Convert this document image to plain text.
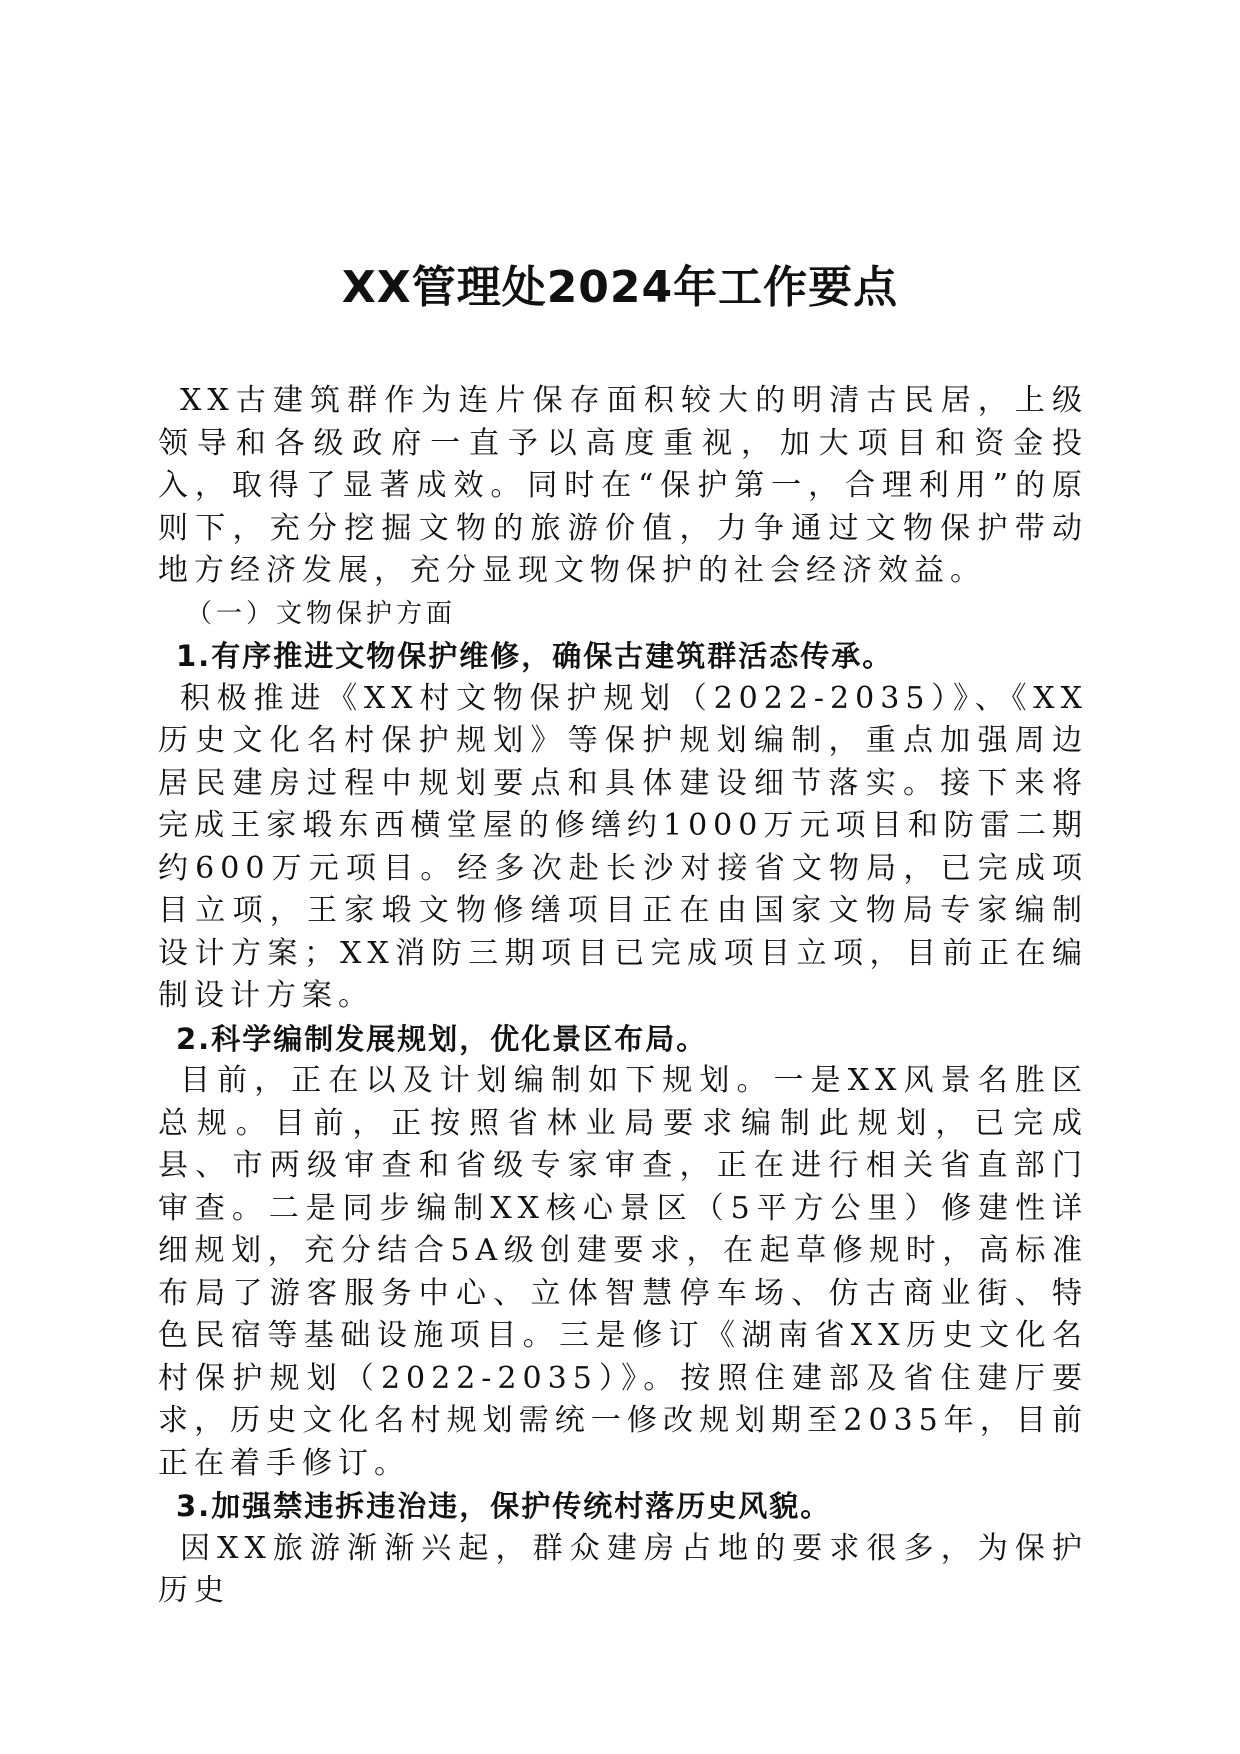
XX管理处2024年工作要点

XX古建筑群作为连片保存面积较大的明清古民居，上级领导和各级政府一直予以高度重视，加大项目和资金投入，取得了显著成效。同时在“保护第一，合理利用”的原则下，充分挖掘文物的旅游价值，力争通过文物保护带动地方经济发展，充分显现文物保护的社会经济效益。

（一）文物保护方面

1.有序推进文物保护维修，确保古建筑群活态传承。

积极推进《XX村文物保护规划（2022-2035）》、《XX历史文化名村保护规划》等保护规划编制，重点加强周边居民建房过程中规划要点和具体建设细节落实。接下来将完成王家塅东西横堂屋的修缮约1000万元项目和防雷二期约600万元项目。经多次赴长沙对接省文物局，已完成项目立项，王家塅文物修缮项目正在由国家文物局专家编制设计方案；XX消防三期项目已完成项目立项，目前正在编制设计方案。

2.科学编制发展规划，优化景区布局。

目前，正在以及计划编制如下规划。一是XX风景名胜区总规。目前，正按照省林业局要求编制此规划，已完成县、市两级审查和省级专家审查，正在进行相关省直部门审查。二是同步编制XX核心景区（5平方公里）修建性详细规划，充分结合5A级创建要求，在起草修规时，高标准布局了游客服务中心、立体智慧停车场、仿古商业街、特色民宿等基础设施项目。三是修订《湖南省XX历史文化名村保护规划（2022-2035）》。按照住建部及省住建厅要求，历史文化名村规划需统一修改规划期至2035年，目前正在着手修订。

3.加强禁违拆违治违，保护传统村落历史风貌。

因XX旅游渐渐兴起，群众建房占地的要求很多，为保护历史
